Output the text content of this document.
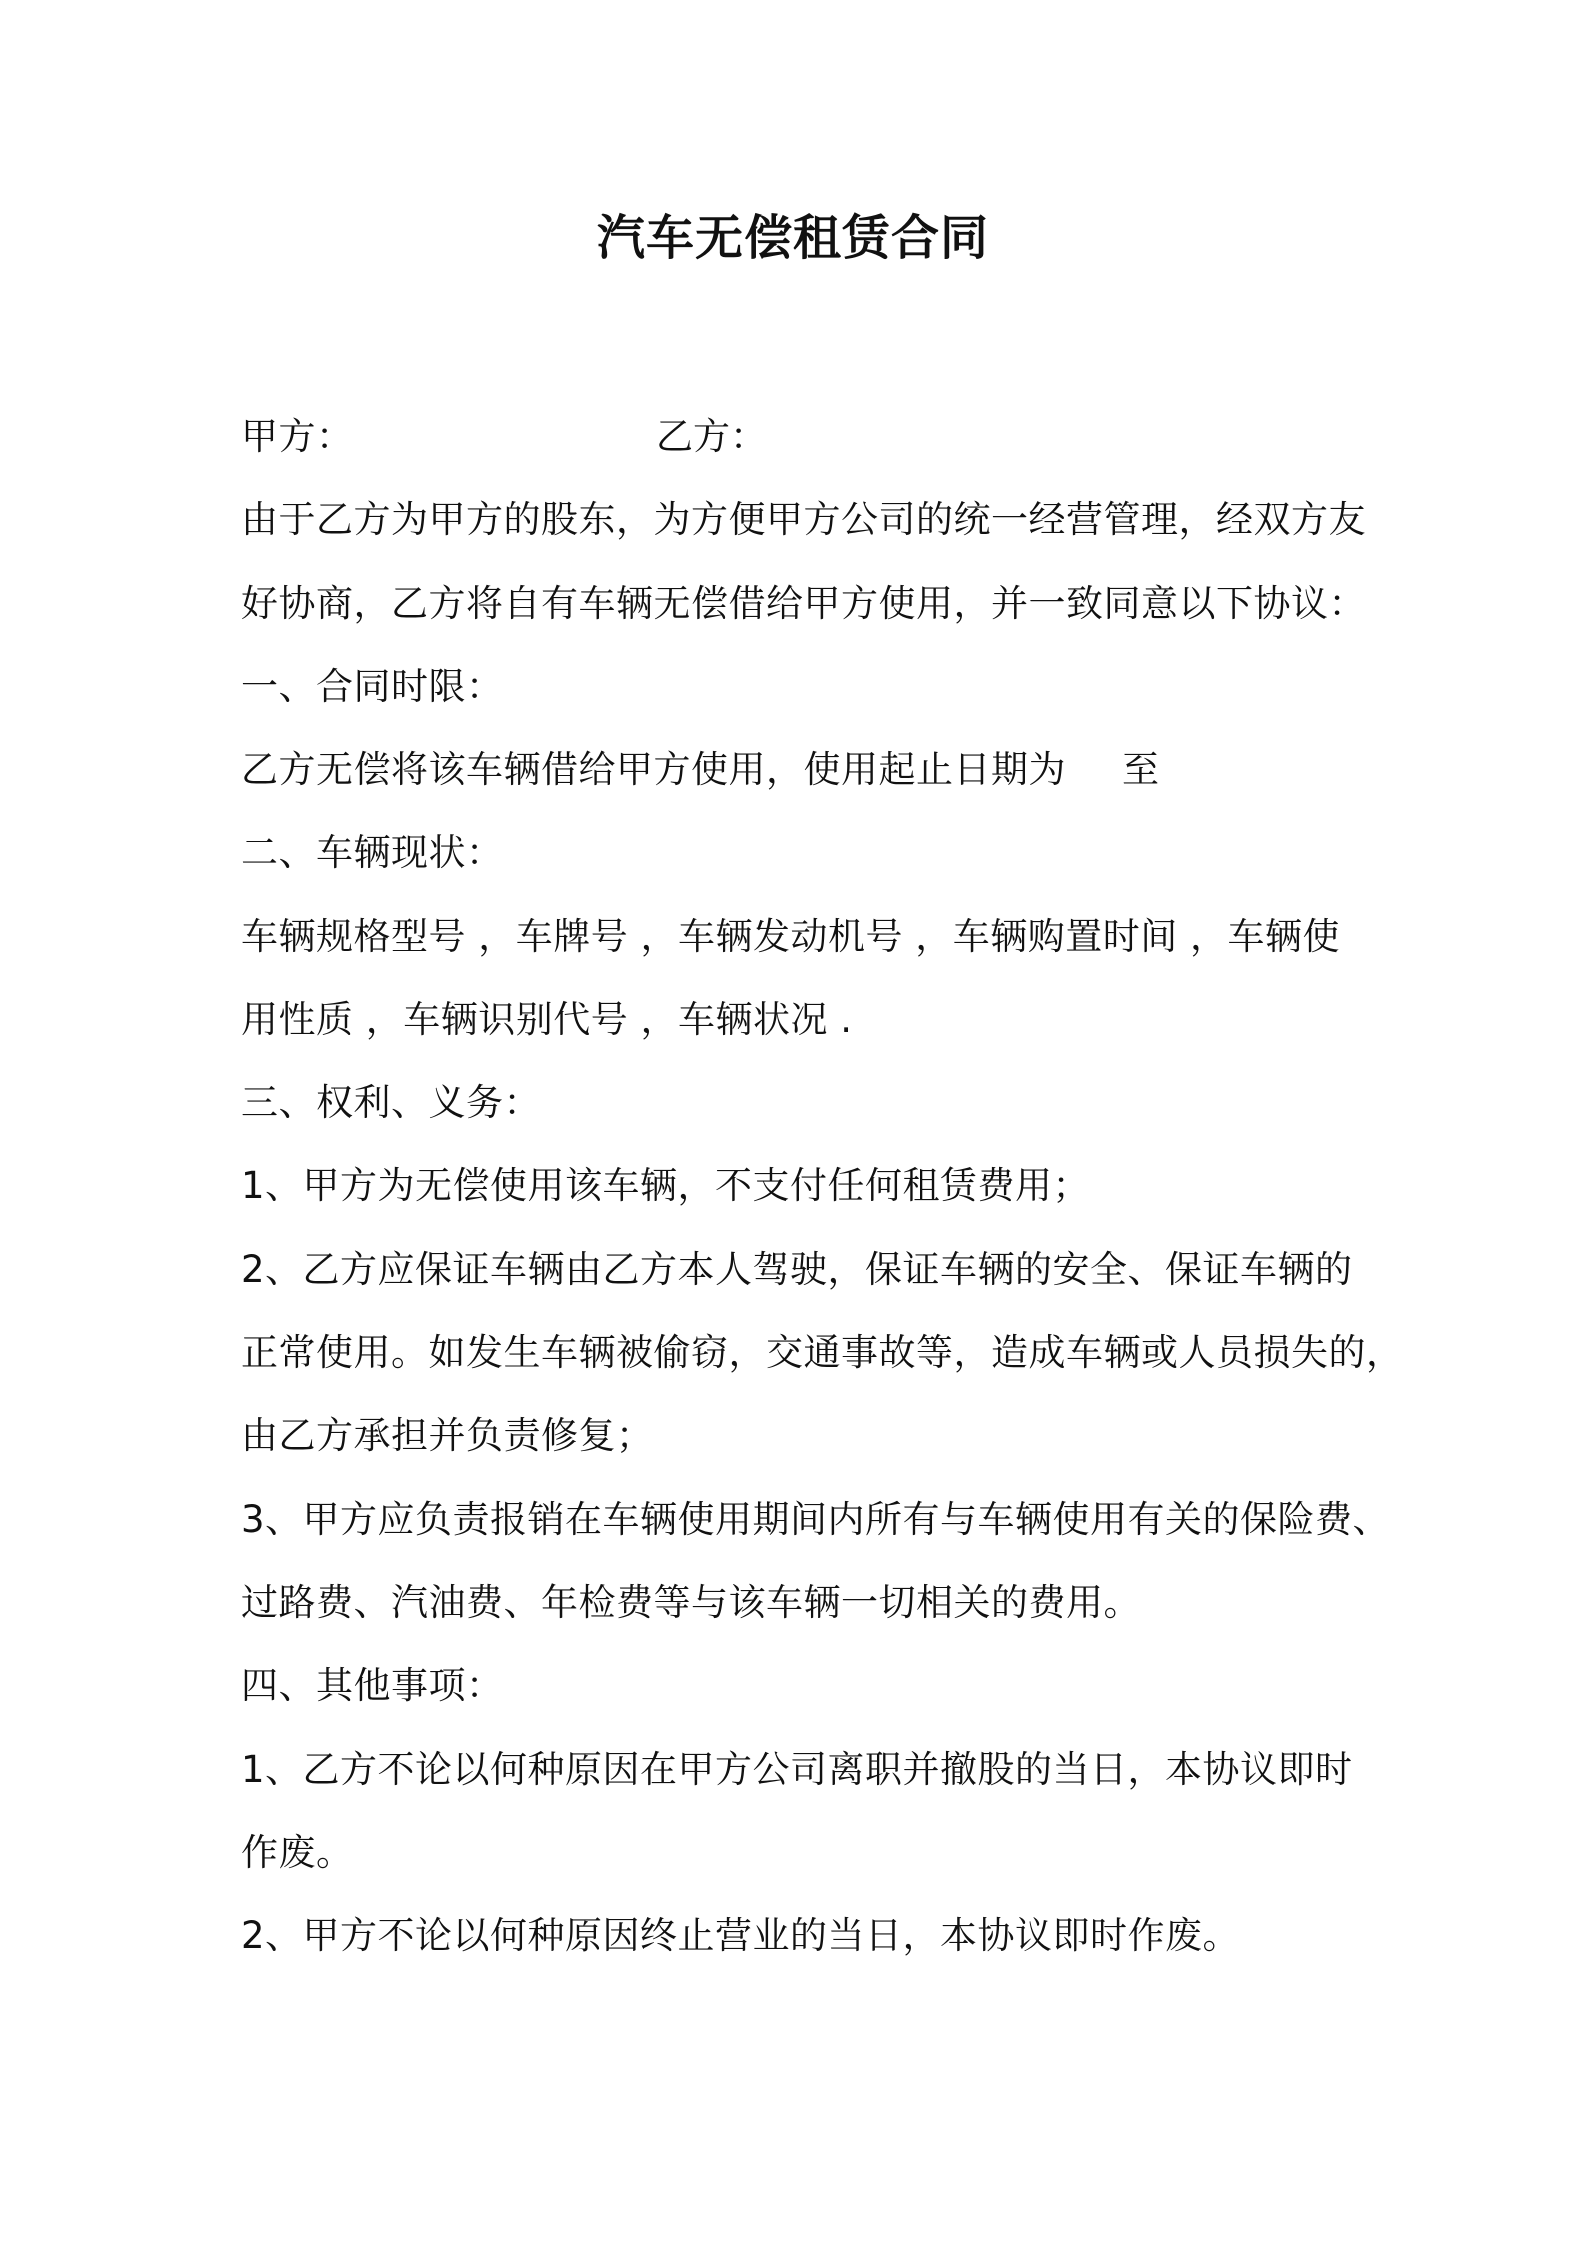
汽车无偿租赁合同
甲方：	乙方：
由于乙方为甲方的股东，为方便甲方公司的统一经营管理，经双方友
好协商，乙方将自有车辆无偿借给甲方使用，并一致同意以下协议：
一、合同时限：
乙方无偿将该车辆借给甲方使用，使用起止日期为 至
二、车辆现状：
车辆规格型号 ，车牌号 ，车辆发动机号 ，车辆购置时间 ，车辆使
用性质 ，车辆识别代号 ，车辆状况 .
三、权利、义务：
1、甲方为无偿使用该车辆，不支付任何租赁费用；
2、乙方应保证车辆由乙方本人驾驶，保证车辆的安全、保证车辆的
正常使用。如发生车辆被偷窃，交通事故等，造成车辆或人员损失的，
由乙方承担并负责修复；
3、甲方应负责报销在车辆使用期间内所有与车辆使用有关的保险费、
过路费、汽油费、年检费等与该车辆一切相关的费用。
四、其他事项：
1、乙方不论以何种原因在甲方公司离职并撤股的当日，本协议即时
作废。
2、甲方不论以何种原因终止营业的当日，本协议即时作废。
